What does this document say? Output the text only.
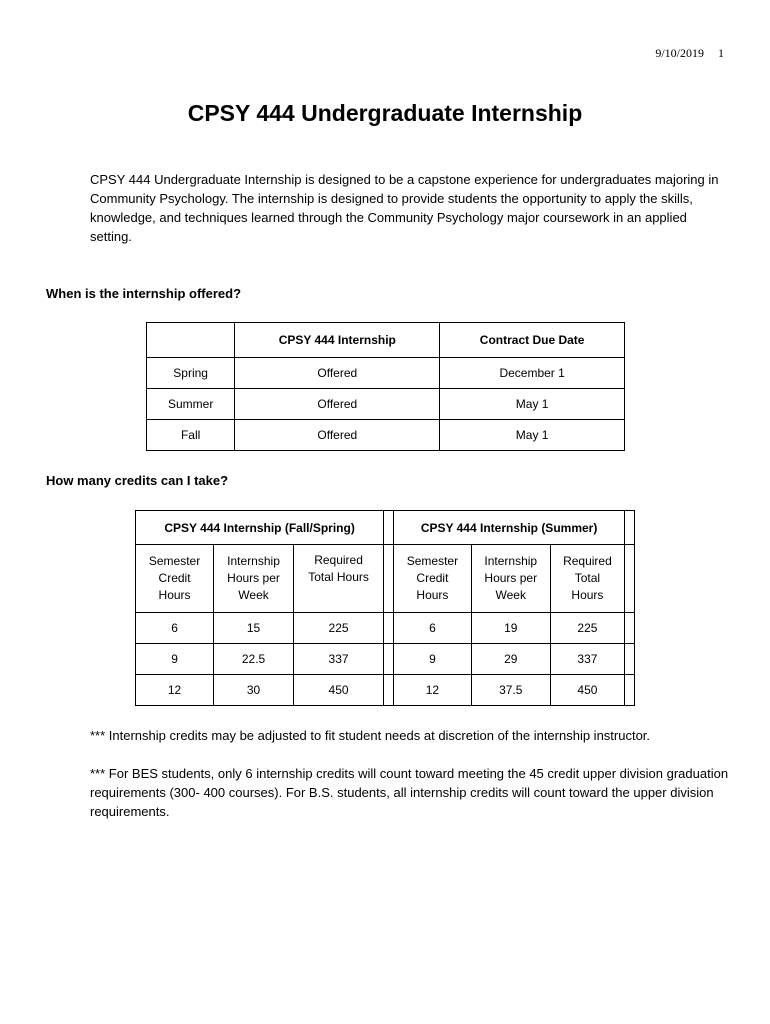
9/10/2019 1
CPSY 444 Undergraduate Internship

CPSY 444 Undergraduate Internship is designed to be a capstone experience for undergraduates majoring in Community Psychology. The internship is designed to provide students the opportunity to apply the skills, knowledge, and techniques learned through the Community Psychology major coursework in an applied setting.

When is the internship offered?

	CPSY 444 Internship	Contract Due Date
Spring	Offered	December 1
Summer	Offered	May 1
Fall	Offered	May 1

How many credits can I take?

CPSY 444 Internship (Fall/Spring)				CPSY 444 Internship (Summer)			
Semester
Credit
Hours	Internship
Hours per
Week	Required
Total Hours		Semester
Credit
Hours	Internship
Hours per
Week	Required
Total
Hours	
6	15	225		6	19	225	
9	22.5	337		9	29	337	
12	30	450		12	37.5	450	

*** Internship credits may be adjusted to fit student needs at discretion of the internship instructor.

*** For BES students, only 6 internship credits will count toward meeting the 45 credit upper division graduation requirements (300- 400 courses). For B.S. students, all internship credits will count toward the upper division requirements.
